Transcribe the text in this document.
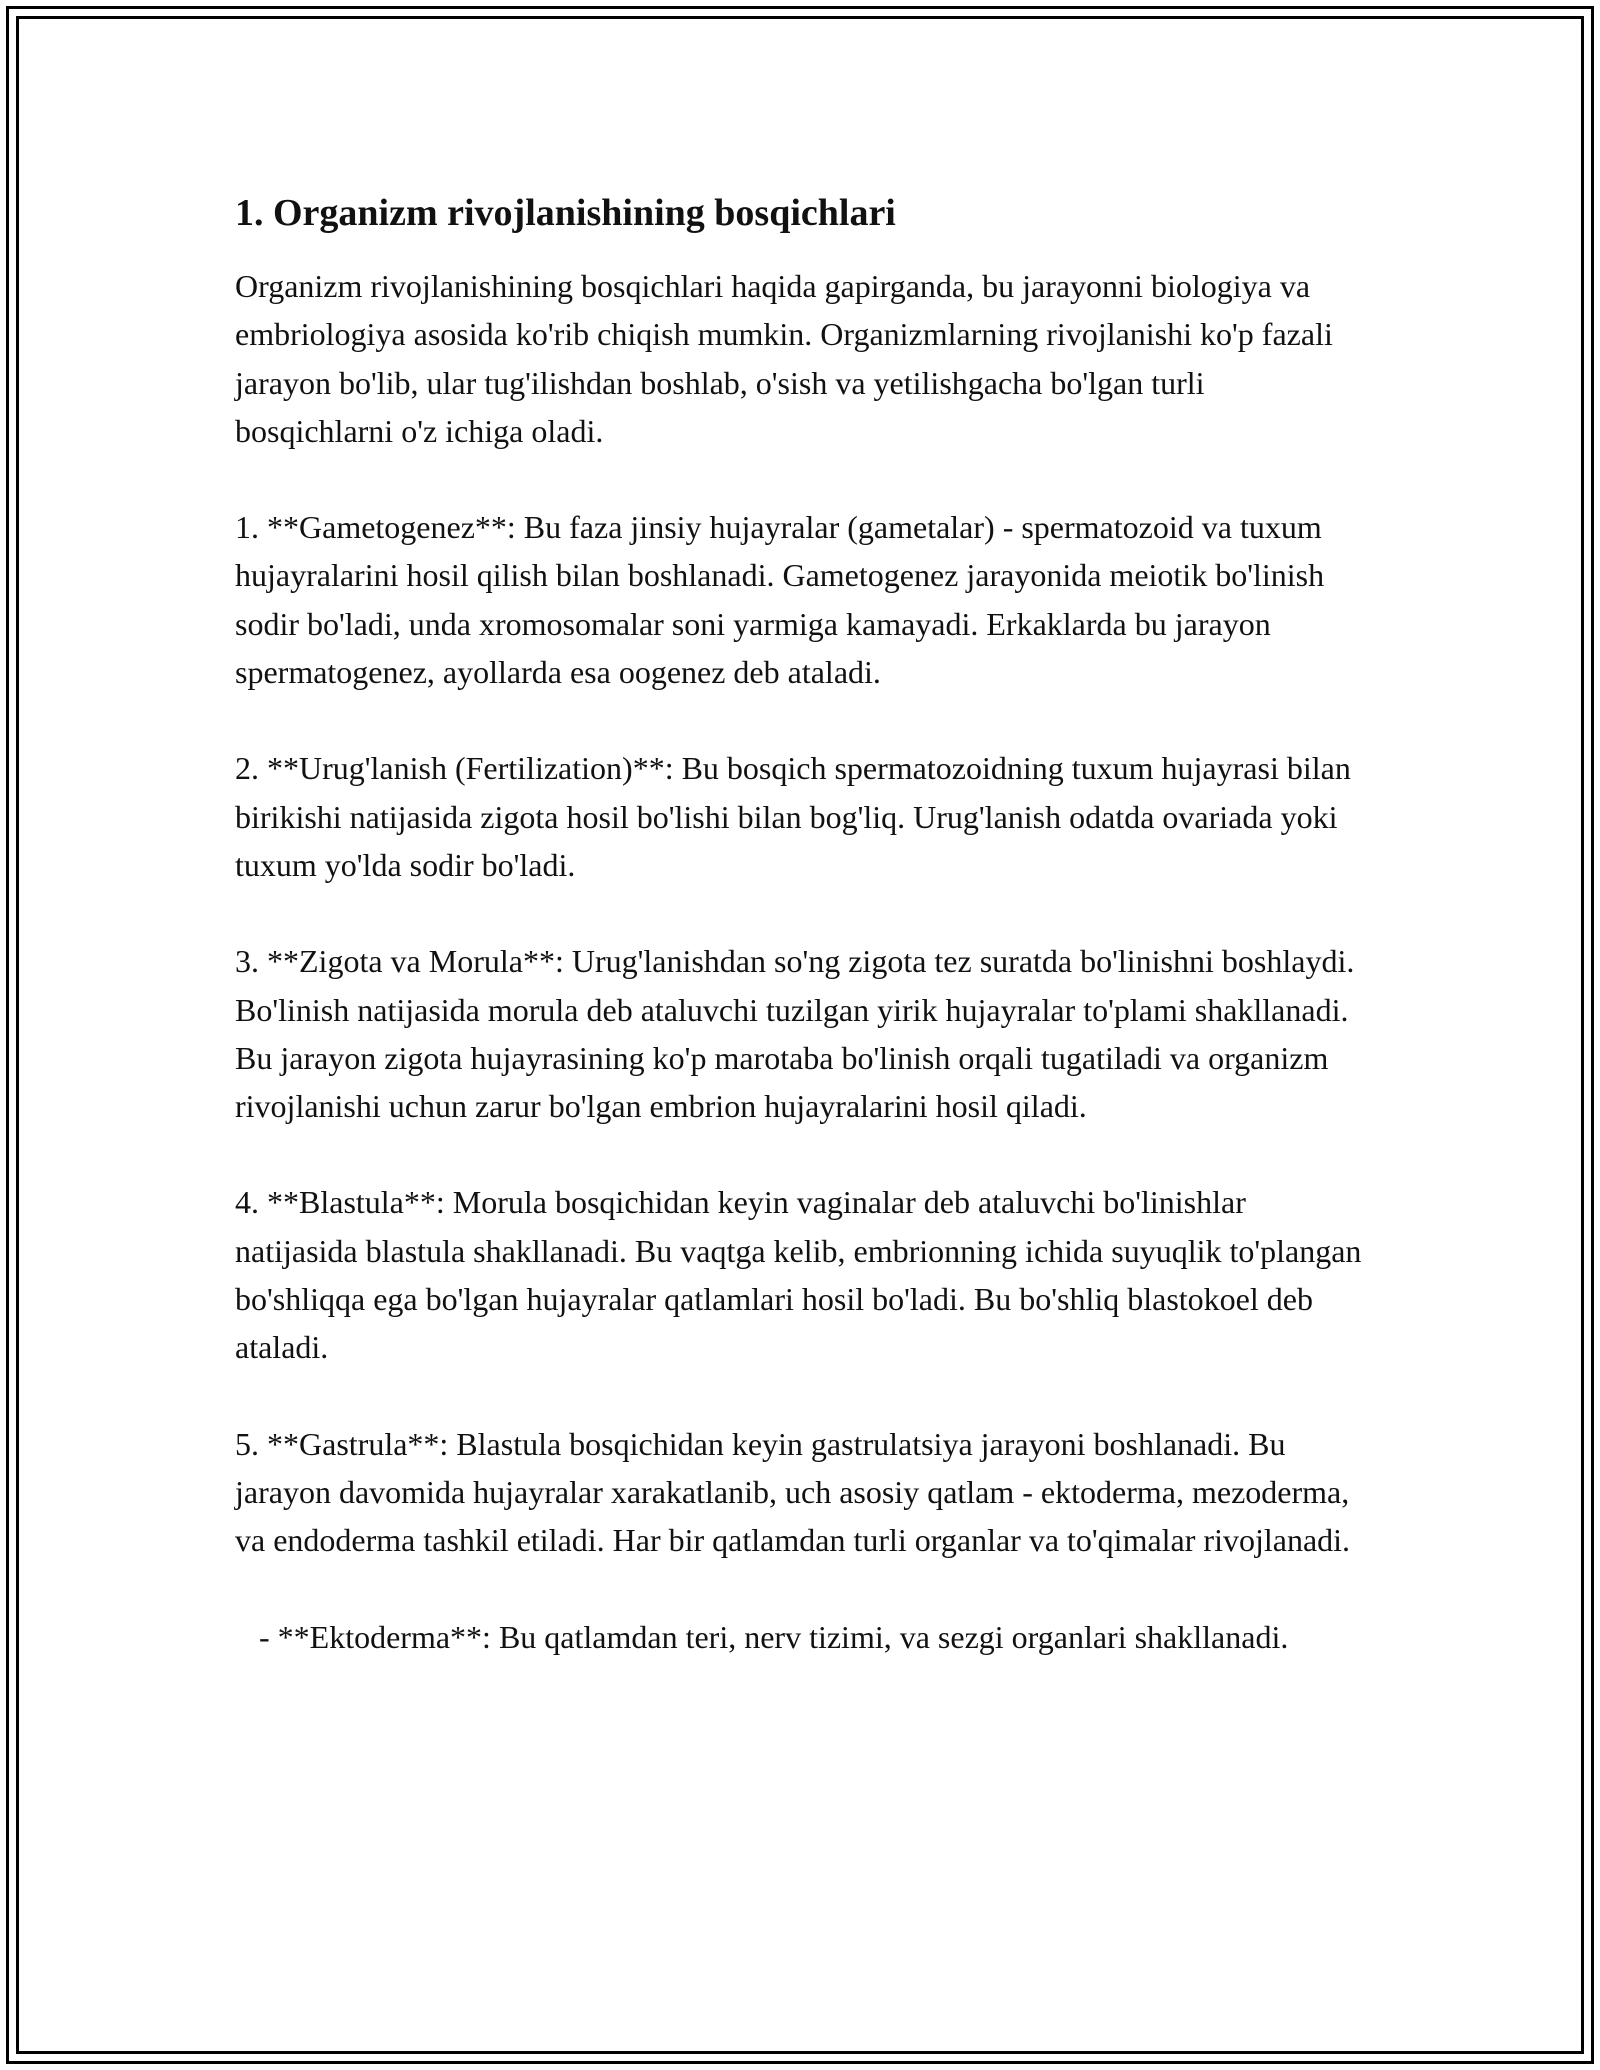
1. Organizm rivojlanishining bosqichlari

Organizm rivojlanishining bosqichlari haqida gapirganda, bu jarayonni biologiya va embriologiya asosida ko'rib chiqish mumkin. Organizmlarning rivojlanishi ko'p fazali jarayon bo'lib, ular tug'ilishdan boshlab, o'sish va yetilishgacha bo'lgan turli bosqichlarni o'z ichiga oladi.

1. **Gametogenez**: Bu faza jinsiy hujayralar (gametalar) - spermatozoid va tuxum hujayralarini hosil qilish bilan boshlanadi. Gametogenez jarayonida meiotik bo'linish sodir bo'ladi, unda xromosomalar soni yarmiga kamayadi. Erkaklarda bu jarayon spermatogenez, ayollarda esa oogenez deb ataladi.

2. **Urug'lanish (Fertilization)**: Bu bosqich spermatozoidning tuxum hujayrasi bilan birikishi natijasida zigota hosil bo'lishi bilan bog'liq. Urug'lanish odatda ovariada yoki tuxum yo'lda sodir bo'ladi.

3. **Zigota va Morula**: Urug'lanishdan so'ng zigota tez suratda bo'linishni boshlaydi. Bo'linish natijasida morula deb ataluvchi tuzilgan yirik hujayralar to'plami shakllanadi. Bu jarayon zigota hujayrasining ko'p marotaba bo'linish orqali tugatiladi va organizm rivojlanishi uchun zarur bo'lgan embrion hujayralarini hosil qiladi.

4. **Blastula**: Morula bosqichidan keyin vaginalar deb ataluvchi bo'linishlar natijasida blastula shakllanadi. Bu vaqtga kelib, embrionning ichida suyuqlik to'plangan bo'shliqqa ega bo'lgan hujayralar qatlamlari hosil bo'ladi. Bu bo'shliq blastokoel deb ataladi.

5. **Gastrula**: Blastula bosqichidan keyin gastrulatsiya jarayoni boshlanadi. Bu jarayon davomida hujayralar xarakatlanib, uch asosiy qatlam - ektoderma, mezoderma, va endoderma tashkil etiladi. Har bir qatlamdan turli organlar va to'qimalar rivojlanadi.

- **Ektoderma**: Bu qatlamdan teri, nerv tizimi, va sezgi organlari shakllanadi.
